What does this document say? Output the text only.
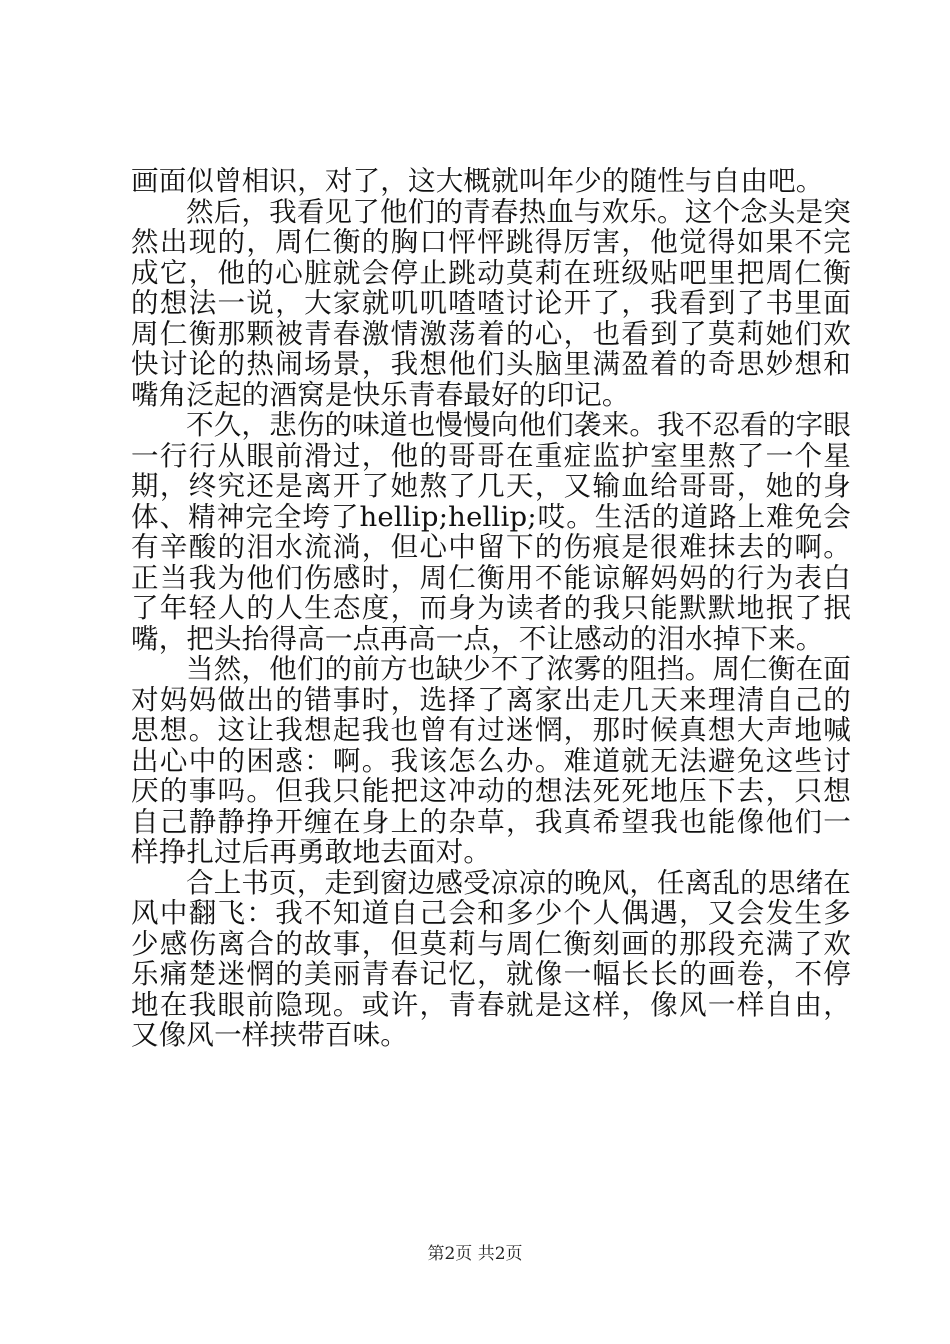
画面似曾相识，对了，这大概就叫年少的随性与自由吧。

然后，我看见了他们的青春热血与欢乐。这个念头是突然出现的，周仁衡的胸口怦怦跳得厉害，他觉得如果不完成它，他的心脏就会停止跳动莫莉在班级贴吧里把周仁衡的想法一说，大家就叽叽喳喳讨论开了，我看到了书里面周仁衡那颗被青春激情激荡着的心，也看到了莫莉她们欢快讨论的热闹场景，我想他们头脑里满盈着的奇思妙想和嘴角泛起的酒窝是快乐青春最好的印记。

不久，悲伤的味道也慢慢向他们袭来。我不忍看的字眼一行行从眼前滑过，他的哥哥在重症监护室里熬了一个星期，终究还是离开了她熬了几天，又输血给哥哥，她的身体、精神完全垮了hellip;hellip;哎。生活的道路上难免会有辛酸的泪水流淌，但心中留下的伤痕是很难抹去的啊。正当我为他们伤感时，周仁衡用不能谅解妈妈的行为表白了年轻人的人生态度，而身为读者的我只能默默地抿了抿嘴，把头抬得高一点再高一点，不让感动的泪水掉下来。

当然，他们的前方也缺少不了浓雾的阻挡。周仁衡在面对妈妈做出的错事时，选择了离家出走几天来理清自己的思想。这让我想起我也曾有过迷惘，那时候真想大声地喊出心中的困惑：啊。我该怎么办。难道就无法避免这些讨厌的事吗。但我只能把这冲动的想法死死地压下去，只想自己静静挣开缠在身上的杂草，我真希望我也能像他们一样挣扎过后再勇敢地去面对。

合上书页，走到窗边感受凉凉的晚风，任离乱的思绪在风中翻飞：我不知道自己会和多少个人偶遇，又会发生多少感伤离合的故事，但莫莉与周仁衡刻画的那段充满了欢乐痛楚迷惘的美丽青春记忆，就像一幅长长的画卷，不停地在我眼前隐现。或许，青春就是这样，像风一样自由，又像风一样挟带百味。

第2页 共2页
